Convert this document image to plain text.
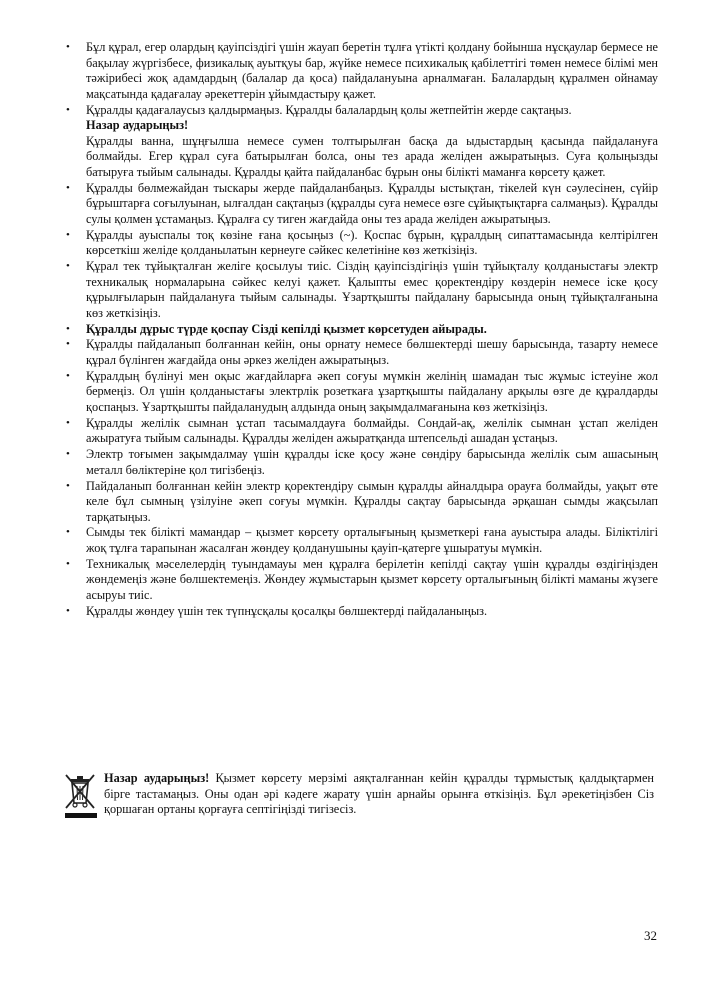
• Бұл құрал, егер олардың қауіпсіздігі үшін жауап беретін тұлға үтікті қолдану бойынша нұсқаулар бермесе не бақылау жүргізбесе, физикалық ауытқуы бар, жүйке немесе психикалық қабілеттігі төмен немесе білімі мен тәжірибесі жоқ адамдардың (балалар да қоса) пайдалануына арналмаған. Балалардың құралмен ойнамау мақсатында қадағалау әрекеттерін ұйымдастыру қажет.
• Құралды қадағалаусыз қалдырмаңыз. Құралды балалардың қолы жетпейтін жерде сақтаңыз.
Назар аударыңыз!
Құралды ванна, шұңғылша немесе сумен толтырылған басқа да ыдыстардың қасында пайдалануға болмайды. Егер құрал суға батырылған болса, оны тез арада желіден ажыратыңыз. Суға қолыңызды батыруға тыйым салынады. Құралды қайта пайдаланбас бұрын оны білікті маманға көрсету қажет.
• Құралды бөлмежайдан тыскары жерде пайдаланбаңыз. Құралды ыстықтан, тікелей күн сәулесінен, сүйір бұрыштарға соғылуынан, ылғалдан сақтаңыз (құралды суға немесе өзге сұйықтықтарға салмаңыз). Құралды сулы қолмен ұстамаңыз. Құралға су тиген жағдайда оны тез арада желіден ажыратыңыз.
• Құралды ауыспалы тоқ көзіне ғана қосыңыз (~). Қоспас бұрын, құралдың сипаттамасында келтірілген көрсеткіш желіде қолданылатын кернеуге сәйкес келетініне көз жеткізіңіз.
• Құрал тек тұйықталған желіге қосылуы тиіс. Сіздің қауіпсіздігіңіз үшін тұйықталу қолданыстағы электр техникалық нормаларына сәйкес келуі қажет. Қалыпты емес қоректендіру көздерін немесе іске қосу құрылғыларын пайдалануға тыйым салынады. Ұзартқышты пайдалану барысында оның тұйықталғанына көз жеткізіңіз.
• Құралды дұрыс түрде қоспау Сізді кепілді қызмет көрсетуден айырады.
• Құралды пайдаланып болғаннан кейін, оны орнату немесе бөлшектерді шешу барысында, тазарту немесе құрал бүлінген жағдайда оны әркез желіден ажыратыңыз.
• Құралдың бүлінуі мен оқыс жағдайларға әкеп соғуы мүмкін желінің шамадан тыс жұмыс істеуіне жол бермеңіз. Ол үшін қолданыстағы электрлік розеткаға ұзартқышты пайдалану арқылы өзге де құралдарды қоспаңыз. Ұзартқышты пайдаланудың алдында оның зақымдалмағанына көз жеткізіңіз.
• Құралды желілік сымнан ұстап тасымалдауға болмайды. Сондай-ақ, желілік сымнан ұстап желіден ажыратуға тыйым салынады. Құралды желіден ажыратқанда штепсельді ашадан ұстаңыз.
• Электр тоғымен зақымдалмау үшін құралды іске қосу және сөндіру барысында желілік сым ашасының металл бөліктеріне қол тигізбеңіз.
• Пайдаланып болғаннан кейін электр қоректендіру сымын құралды айналдыра орауға болмайды, уақыт өте келе бұл сымның үзілуіне әкеп соғуы мүмкін. Құралды сақтау барысында әрқашан сымды жақсылап тарқатыңыз.
• Сымды тек білікті мамандар – қызмет көрсету орталығының қызметкері ғана ауыстыра алады. Біліктілігі жоқ тұлға тарапынан жасалған жөндеу қолданушыны қауіп-қатерге ұшыратуы мүмкін.
• Техникалық мәселелердің туындамауы мен құралға берілетін кепілді сақтау үшін құралды өздігіңізден жөндемеңіз және бөлшектемеңіз. Жөндеу жұмыстарын қызмет көрсету орталығының білікті маманы жүзеге асыруы тиіс.
• Құралды жөндеу үшін тек түпнұсқалы қосалқы бөлшектерді пайдаланыңыз.
Назар аударыңыз! Қызмет көрсету мерзімі аяқталғаннан кейін құралды тұрмыстық қалдықтармен бірге тастамаңыз. Оны одан әрі кәдеге жарату үшін арнайы орынға өткізіңіз. Бұл әрекетіңізбен Сіз қоршаған ортаны қорғауға септігіңізді тигізесіз.
32
